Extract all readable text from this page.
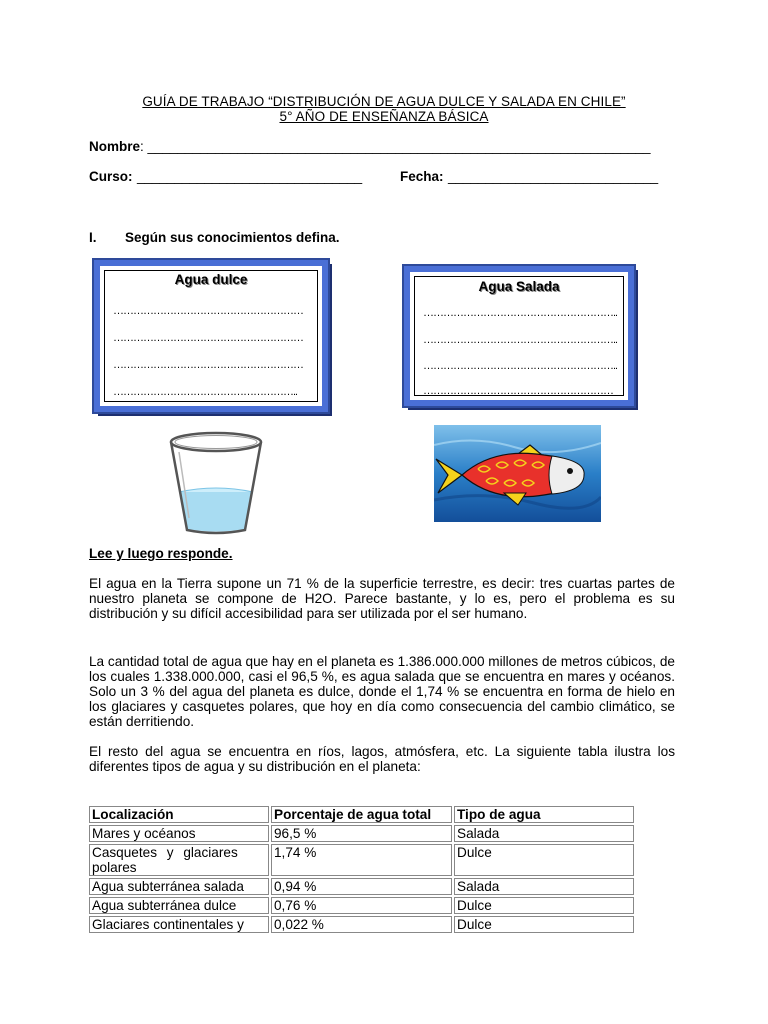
GUÍA DE TRABAJO “DISTRIBUCIÓN DE AGUA DULCE Y SALADA EN CHILE”
5° AÑO DE ENSEÑANZA BÁSICA
Nombre: ___________________________________________________________________
Curso: ______________________________	Fecha: ____________________________
I. Según sus conocimientos defina.
Agua dulce
…………………………………………………
…………………………………………………
…………………………………………………
………………………………………………..
Agua Salada
…………………………………………………..
…………………………………………………..
…………………………………………………..
…………………………………………………
Lee y luego responde.
El agua en la Tierra supone un 71 % de la superficie terrestre, es decir: tres cuartas partes de nuestro planeta se compone de H2O. Parece bastante, y lo es, pero el problema es su distribución y su difícil accesibilidad para ser utilizada por el ser humano.
La cantidad total de agua que hay en el planeta es 1.386.000.000 millones de metros cúbicos, de los cuales 1.338.000.000, casi el 96,5 %, es agua salada que se encuentra en mares y océanos. Solo un 3 % del agua del planeta es dulce, donde el 1,74 % se encuentra en forma de hielo en los glaciares y casquetes polares, que hoy en día como consecuencia del cambio climático, se están derritiendo.
El resto del agua se encuentra en ríos, lagos, atmósfera, etc. La siguiente tabla ilustra los diferentes tipos de agua y su distribución en el planeta:
Localización	Porcentaje de agua total	Tipo de agua
Mares y océanos	96,5 %	Salada
Casquetes y glaciares polares	1,74 %	Dulce
Agua subterránea salada	0,94 %	Salada
Agua subterránea dulce	0,76 %	Dulce
Glaciares continentales y	0,022 %	Dulce
